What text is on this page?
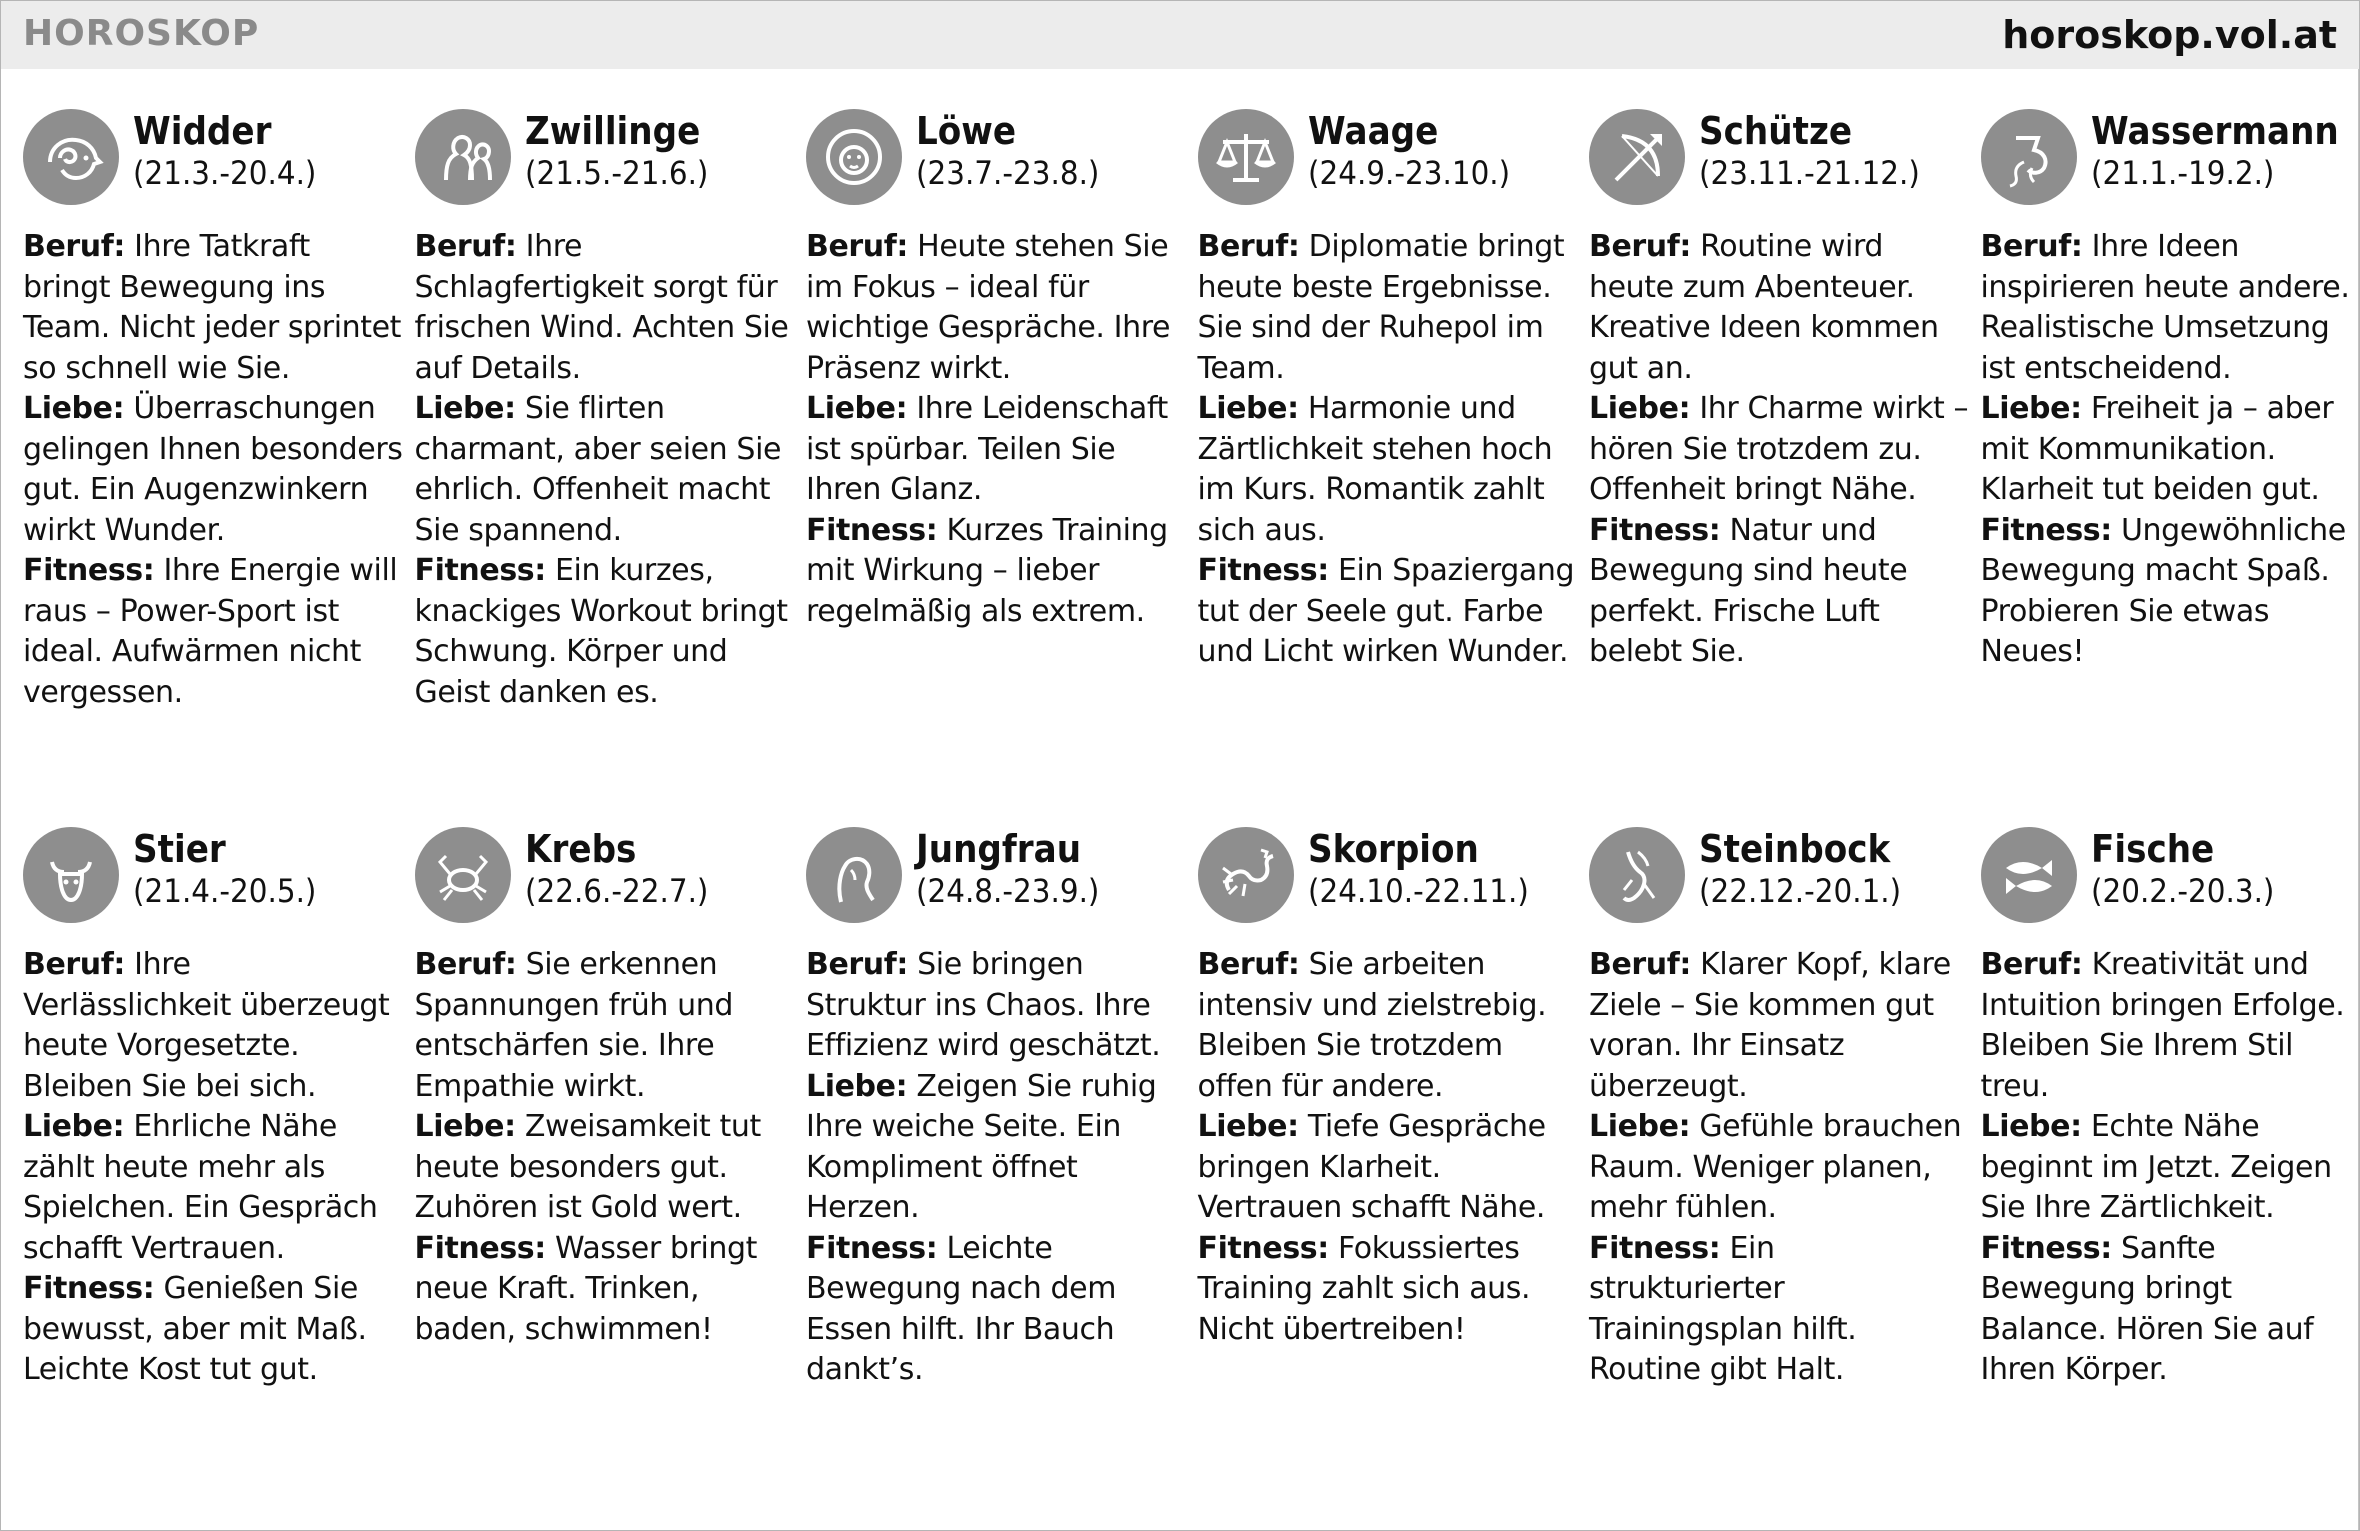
HOROSKOP	horoskop.vol.at
Widder
(21.3.-20.4.)
Beruf: Ihre Tatkraft bringt Bewegung ins Team. Nicht jeder sprintet so schnell wie Sie.
Liebe: Überraschungen gelingen Ihnen besonders gut. Ein Augenzwinkern wirkt Wunder.
Fitness: Ihre Energie will raus – Power-Sport ist ideal. Aufwärmen nicht vergessen.
Zwillinge
(21.5.-21.6.)
Beruf: Ihre Schlagfertigkeit sorgt für frischen Wind. Achten Sie auf Details.
Liebe: Sie flirten charmant, aber seien Sie ehrlich. Offenheit macht Sie spannend.
Fitness: Ein kurzes, knackiges Workout bringt Schwung. Körper und Geist danken es.
Löwe
(23.7.-23.8.)
Beruf: Heute stehen Sie im Fokus – ideal für wichtige Gespräche. Ihre Präsenz wirkt.
Liebe: Ihre Leidenschaft ist spürbar. Teilen Sie Ihren Glanz.
Fitness: Kurzes Training mit Wirkung – lieber regelmäßig als extrem.
Waage
(24.9.-23.10.)
Beruf: Diplomatie bringt heute beste Ergebnisse. Sie sind der Ruhepol im Team.
Liebe: Harmonie und Zärtlichkeit stehen hoch im Kurs. Romantik zahlt sich aus.
Fitness: Ein Spaziergang tut der Seele gut. Farbe und Licht wirken Wunder.
Schütze
(23.11.-21.12.)
Beruf: Routine wird heute zum Abenteuer. Kreative Ideen kommen gut an.
Liebe: Ihr Charme wirkt – hören Sie trotzdem zu. Offenheit bringt Nähe.
Fitness: Natur und Bewegung sind heute perfekt. Frische Luft belebt Sie.
Wassermann
(21.1.-19.2.)
Beruf: Ihre Ideen inspirieren heute andere. Realistische Umsetzung ist entscheidend.
Liebe: Freiheit ja – aber mit Kommunikation. Klarheit tut beiden gut.
Fitness: Ungewöhnliche Bewegung macht Spaß. Probieren Sie etwas Neues!
Stier
(21.4.-20.5.)
Beruf: Ihre Verlässlichkeit überzeugt heute Vorgesetzte. Bleiben Sie bei sich.
Liebe: Ehrliche Nähe zählt heute mehr als Spielchen. Ein Gespräch schafft Vertrauen.
Fitness: Genießen Sie bewusst, aber mit Maß. Leichte Kost tut gut.
Krebs
(22.6.-22.7.)
Beruf: Sie erkennen Spannungen früh und entschärfen sie. Ihre Empathie wirkt.
Liebe: Zweisamkeit tut heute besonders gut. Zuhören ist Gold wert.
Fitness: Wasser bringt neue Kraft. Trinken, baden, schwimmen!
Jungfrau
(24.8.-23.9.)
Beruf: Sie bringen Struktur ins Chaos. Ihre Effizienz wird geschätzt.
Liebe: Zeigen Sie ruhig Ihre weiche Seite. Ein Kompliment öffnet Herzen.
Fitness: Leichte Bewegung nach dem Essen hilft. Ihr Bauch dankt’s.
Skorpion
(24.10.-22.11.)
Beruf: Sie arbeiten intensiv und zielstrebig. Bleiben Sie trotzdem offen für andere.
Liebe: Tiefe Gespräche bringen Klarheit. Vertrauen schafft Nähe.
Fitness: Fokussiertes Training zahlt sich aus. Nicht übertreiben!
Steinbock
(22.12.-20.1.)
Beruf: Klarer Kopf, klare Ziele – Sie kommen gut voran. Ihr Einsatz überzeugt.
Liebe: Gefühle brauchen Raum. Weniger planen, mehr fühlen.
Fitness: Ein strukturierter Trainingsplan hilft. Routine gibt Halt.
Fische
(20.2.-20.3.)
Beruf: Kreativität und Intuition bringen Erfolge. Bleiben Sie Ihrem Stil treu.
Liebe: Echte Nähe beginnt im Jetzt. Zeigen Sie Ihre Zärtlichkeit.
Fitness: Sanfte Bewegung bringt Balance. Hören Sie auf Ihren Körper.
